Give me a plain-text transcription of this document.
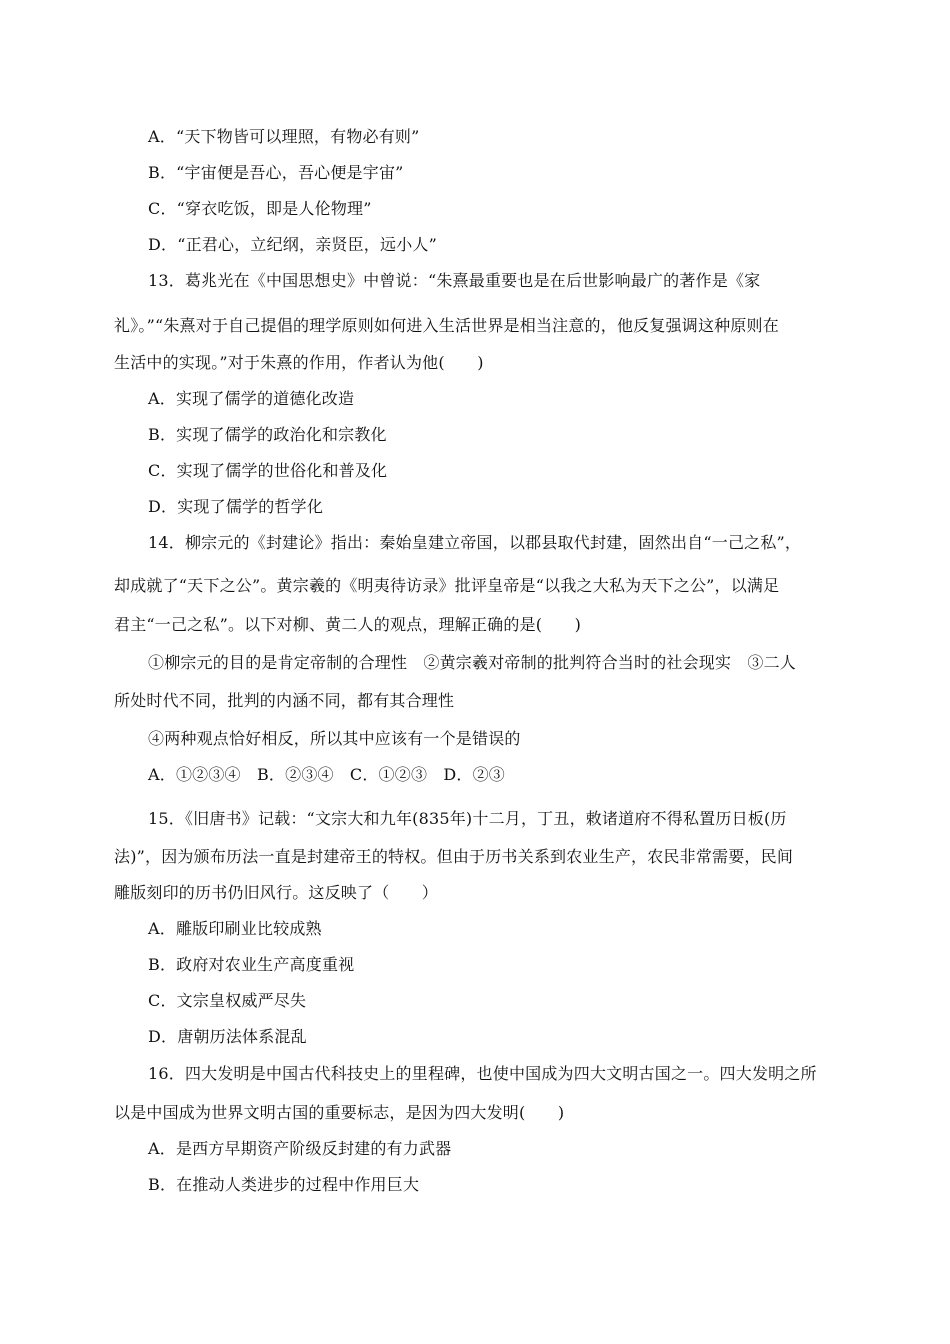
A．“天下物皆可以理照，有物必有则”
B．“宇宙便是吾心，吾心便是宇宙”
C．“穿衣吃饭，即是人伦物理”
D．“正君心，立纪纲，亲贤臣，远小人”
13．葛兆光在《中国思想史》中曾说：“朱熹最重要也是在后世影响最广的著作是《家
礼》。”“朱熹对于自己提倡的理学原则如何进入生活世界是相当注意的，他反复强调这种原则在
生活中的实现。”对于朱熹的作用，作者认为他(　　)
A．实现了儒学的道德化改造
B．实现了儒学的政治化和宗教化
C．实现了儒学的世俗化和普及化
D．实现了儒学的哲学化
14．柳宗元的《封建论》指出：秦始皇建立帝国，以郡县取代封建，固然出自“一己之私”，
却成就了“天下之公”。黄宗羲的《明夷待访录》批评皇帝是“以我之大私为天下之公”，以满足
君主“一己之私”。以下对柳、黄二人的观点，理解正确的是(　　)
①柳宗元的目的是肯定帝制的合理性　②黄宗羲对帝制的批判符合当时的社会现实　③二人
所处时代不同，批判的内涵不同，都有其合理性
④两种观点恰好相反，所以其中应该有一个是错误的
A．①②③④　B．②③④　C．①②③　D．②③
15．《旧唐书》记载：“文宗大和九年(835年)十二月，丁丑，敕诸道府不得私置历日板(历
法)”，因为颁布历法一直是封建帝王的特权。但由于历书关系到农业生产，农民非常需要，民间
雕版刻印的历书仍旧风行。这反映了（　　）
A．雕版印刷业比较成熟
B．政府对农业生产高度重视
C．文宗皇权威严尽失
D．唐朝历法体系混乱
16．四大发明是中国古代科技史上的里程碑，也使中国成为四大文明古国之一。四大发明之所
以是中国成为世界文明古国的重要标志，是因为四大发明(　　)
A．是西方早期资产阶级反封建的有力武器
B．在推动人类进步的过程中作用巨大
